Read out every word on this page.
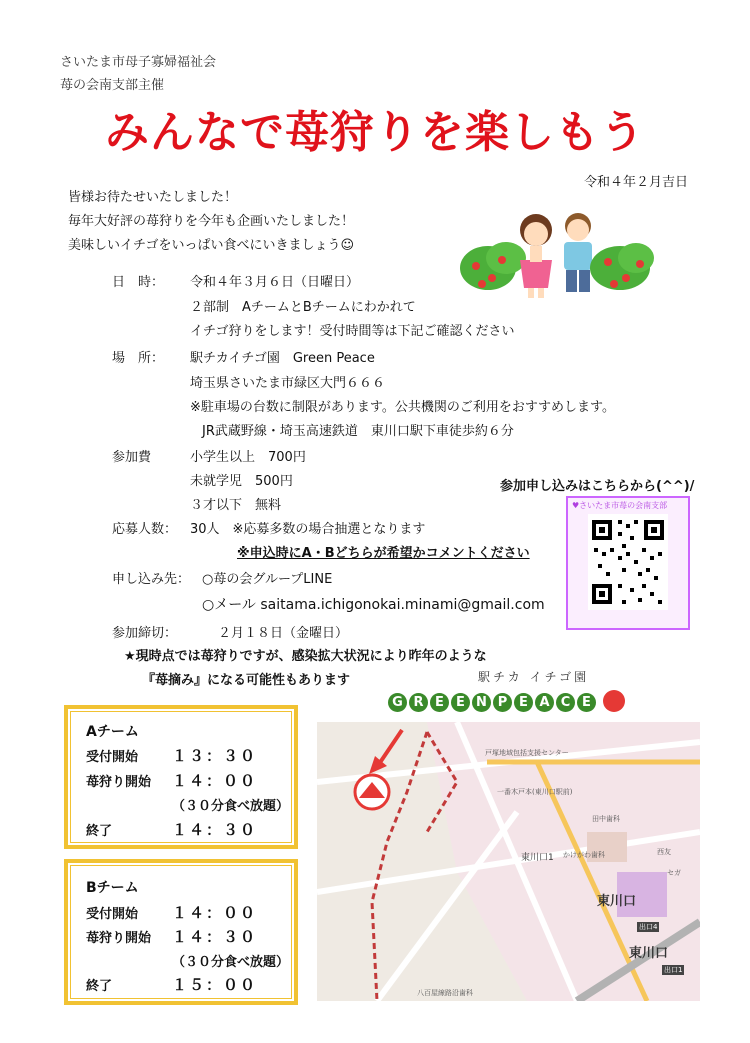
さいたま市母子寡婦福祉会
苺の会南支部主催
みんなで苺狩りを楽しもう
令和４年２月吉日
皆様お待たせいたしました！
毎年大好評の苺狩りを今年も企画いたしました！
美味しいイチゴをいっぱい食べにいきましょう☺
日　時： 令和４年３月６日（日曜日）
２部制　AチームとBチームにわかれて
イチゴ狩りをします！受付時間等は下記ご確認ください
場　所： 駅チカイチゴ園　Green Peace
埼玉県さいたま市緑区大門６６６
※駐車場の台数に制限があります。公共機関のご利用をおすすめします。
JR武蔵野線・埼玉高速鉄道　東川口駅下車徒歩約６分
参加費	小学生以上　700円
未就学児　500円
３才以下　無料
応募人数： 30人　※応募多数の場合抽選となります
※申込時にA・Bどちらが希望かコメントください
申し込み先： ○苺の会グループLINE
○メール saitama.ichigonokai.minami@gmail.com
参加締切：	２月１８日（金曜日）
★現時点では苺狩りですが、感染拡大状況により昨年のような
『苺摘み』になる可能性もあります
参加申し込みはこちらから(^^)/
♥さいたま市苺の会南支部
駅チカ イチゴ園
G R E E N P E A C E
戸塚地域包括支援センター
一番木戸本(東川口駅前)
田中歯科
東川口1 かけがわ歯科	西友
セガ
東川口
東川口
出口4
出口1
八百屋線路沿歯科
Aチーム
受付開始 １３：３０
苺狩り開始 １４：００
（３０分食べ放題）
終了	１４：３０
Bチーム
受付開始 １４：００
苺狩り開始 １４：３０
（３０分食べ放題）
終了	１５：００
